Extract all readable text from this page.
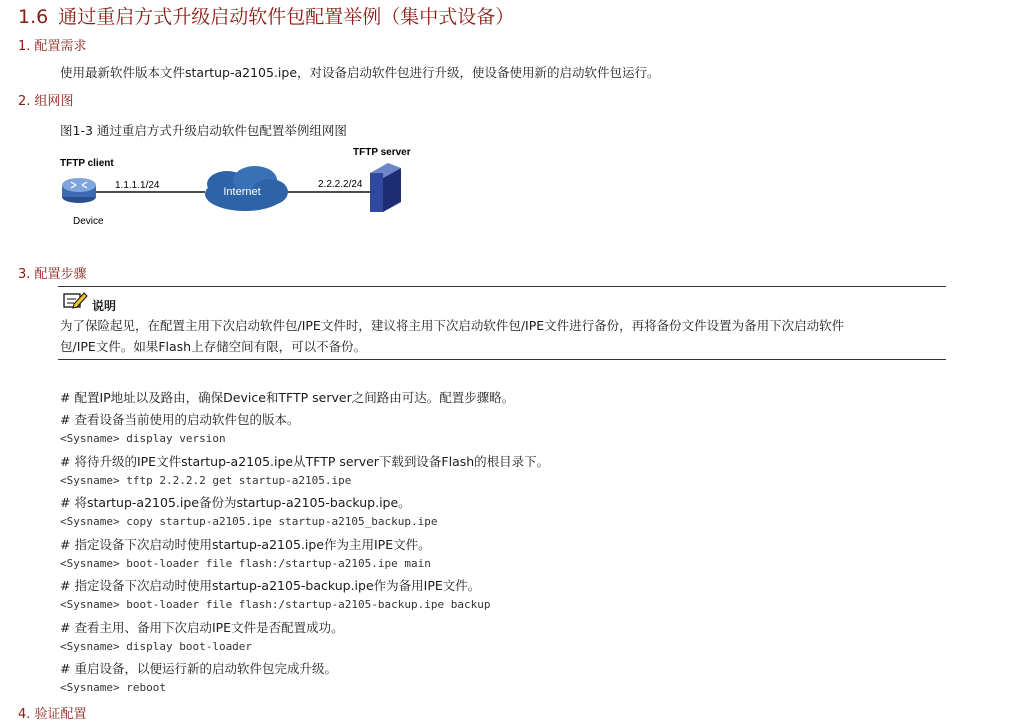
1.6 通过重启方式升级启动软件包配置举例（集中式设备）
1. 配置需求
使用最新软件版本文件startup-a2105.ipe，对设备启动软件包进行升级，使设备使用新的启动软件包运行。
2. 组网图
图1-3 通过重启方式升级启动软件包配置举例组网图
Internet
TFTP client
1.1.1.1/24
Device
TFTP server
2.2.2.2/24
3. 配置步骤
说明
为了保险起见，在配置主用下次启动软件包/IPE文件时，建议将主用下次启动软件包/IPE文件进行备份，再将备份文件设置为备用下次启动软件
包/IPE文件。如果Flash上存储空间有限，可以不备份。
# 配置IP地址以及路由，确保Device和TFTP server之间路由可达。配置步骤略。
# 查看设备当前使用的启动软件包的版本。
<Sysname> display version
# 将待升级的IPE文件startup-a2105.ipe从TFTP server下载到设备Flash的根目录下。
<Sysname> tftp 2.2.2.2 get startup-a2105.ipe
# 将startup-a2105.ipe备份为startup-a2105-backup.ipe。
<Sysname> copy startup-a2105.ipe startup-a2105_backup.ipe
# 指定设备下次启动时使用startup-a2105.ipe作为主用IPE文件。
<Sysname> boot-loader file flash:/startup-a2105.ipe main
# 指定设备下次启动时使用startup-a2105-backup.ipe作为备用IPE文件。
<Sysname> boot-loader file flash:/startup-a2105-backup.ipe backup
# 查看主用、备用下次启动IPE文件是否配置成功。
<Sysname> display boot-loader
# 重启设备，以便运行新的启动软件包完成升级。
<Sysname> reboot
4. 验证配置
